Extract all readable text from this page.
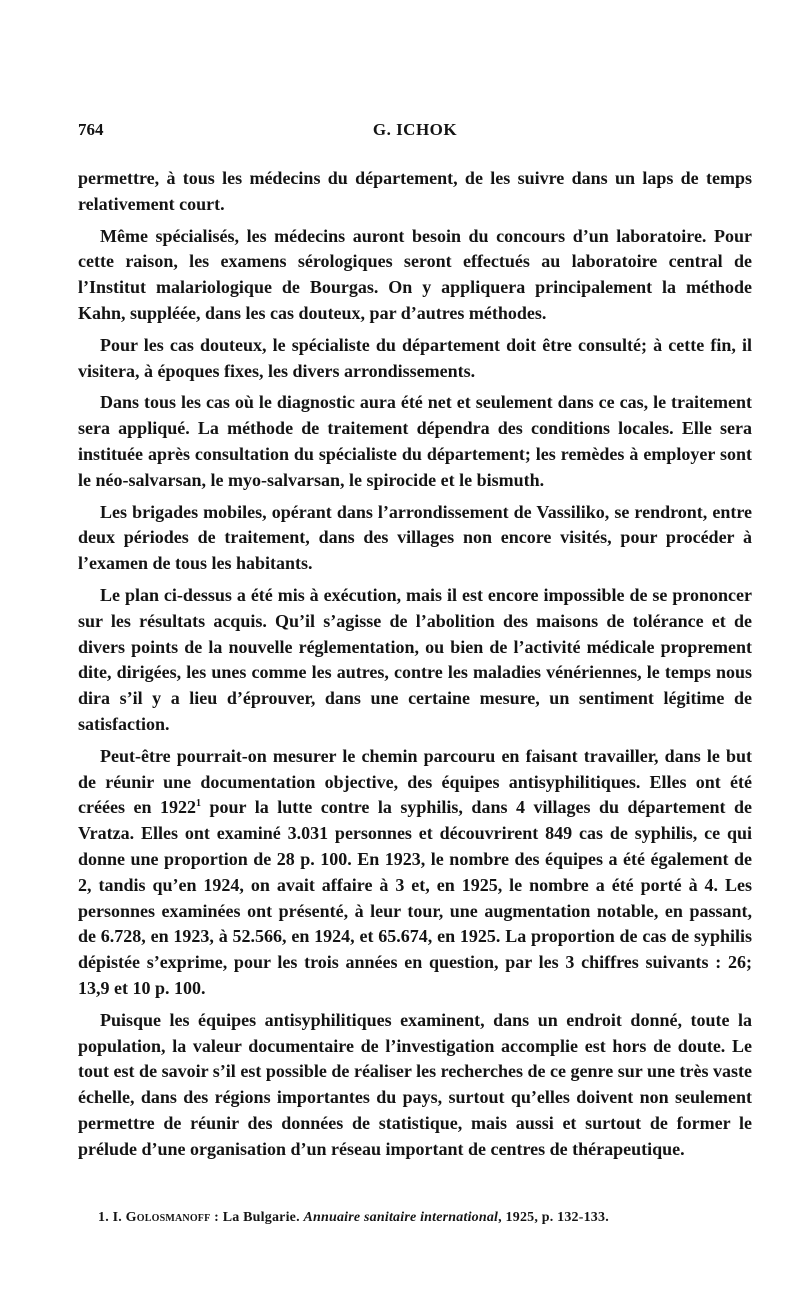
764	G. ICHOK

permettre, à tous les médecins du département, de les suivre dans un laps de temps relativement court.

Même spécialisés, les médecins auront besoin du concours d’un laboratoire. Pour cette raison, les examens sérologiques seront effectués au laboratoire central de l’Institut malariologique de Bourgas. On y appliquera principalement la méthode Kahn, suppléée, dans les cas douteux, par d’autres méthodes.

Pour les cas douteux, le spécialiste du département doit être consulté; à cette fin, il visitera, à époques fixes, les divers arrondissements.

Dans tous les cas où le diagnostic aura été net et seulement dans ce cas, le traitement sera appliqué. La méthode de traitement dépendra des conditions locales. Elle sera instituée après consultation du spécialiste du département; les remèdes à employer sont le néo-salvarsan, le myo-salvarsan, le spirocide et le bismuth.

Les brigades mobiles, opérant dans l’arrondissement de Vassiliko, se rendront, entre deux périodes de traitement, dans des villages non encore visités, pour procéder à l’examen de tous les habitants.

Le plan ci-dessus a été mis à exécution, mais il est encore impossible de se prononcer sur les résultats acquis. Qu’il s’agisse de l’abolition des maisons de tolérance et de divers points de la nouvelle réglementation, ou bien de l’activité médicale proprement dite, dirigées, les unes comme les autres, contre les maladies vénériennes, le temps nous dira s’il y a lieu d’éprouver, dans une certaine mesure, un sentiment légitime de satisfaction.

Peut-être pourrait-on mesurer le chemin parcouru en faisant travailler, dans le but de réunir une documentation objective, des équipes antisyphilitiques. Elles ont été créées en 1922$^1$ pour la lutte contre la syphilis, dans 4 villages du département de Vratza. Elles ont examiné 3.031 personnes et découvrirent 849 cas de syphilis, ce qui donne une proportion de 28 p. 100. En 1923, le nombre des équipes a été également de 2, tandis qu’en 1924, on avait affaire à 3 et, en 1925, le nombre a été porté à 4. Les personnes examinées ont présenté, à leur tour, une augmentation notable, en passant, de 6.728, en 1923, à 52.566, en 1924, et 65.674, en 1925. La proportion de cas de syphilis dépistée s’exprime, pour les trois années en question, par les 3 chiffres suivants : 26; 13,9 et 10 p. 100.

Puisque les équipes antisyphilitiques examinent, dans un endroit donné, toute la population, la valeur documentaire de l’investigation accomplie est hors de doute. Le tout est de savoir s’il est possible de réaliser les recherches de ce genre sur une très vaste échelle, dans des régions importantes du pays, surtout qu’elles doivent non seulement permettre de réunir des données de statistique, mais aussi et surtout de former le prélude d’une organisation d’un réseau important de centres de thérapeutique.

1. I. Golosmanoff : La Bulgarie. Annuaire sanitaire international, 1925, p. 132-133.
